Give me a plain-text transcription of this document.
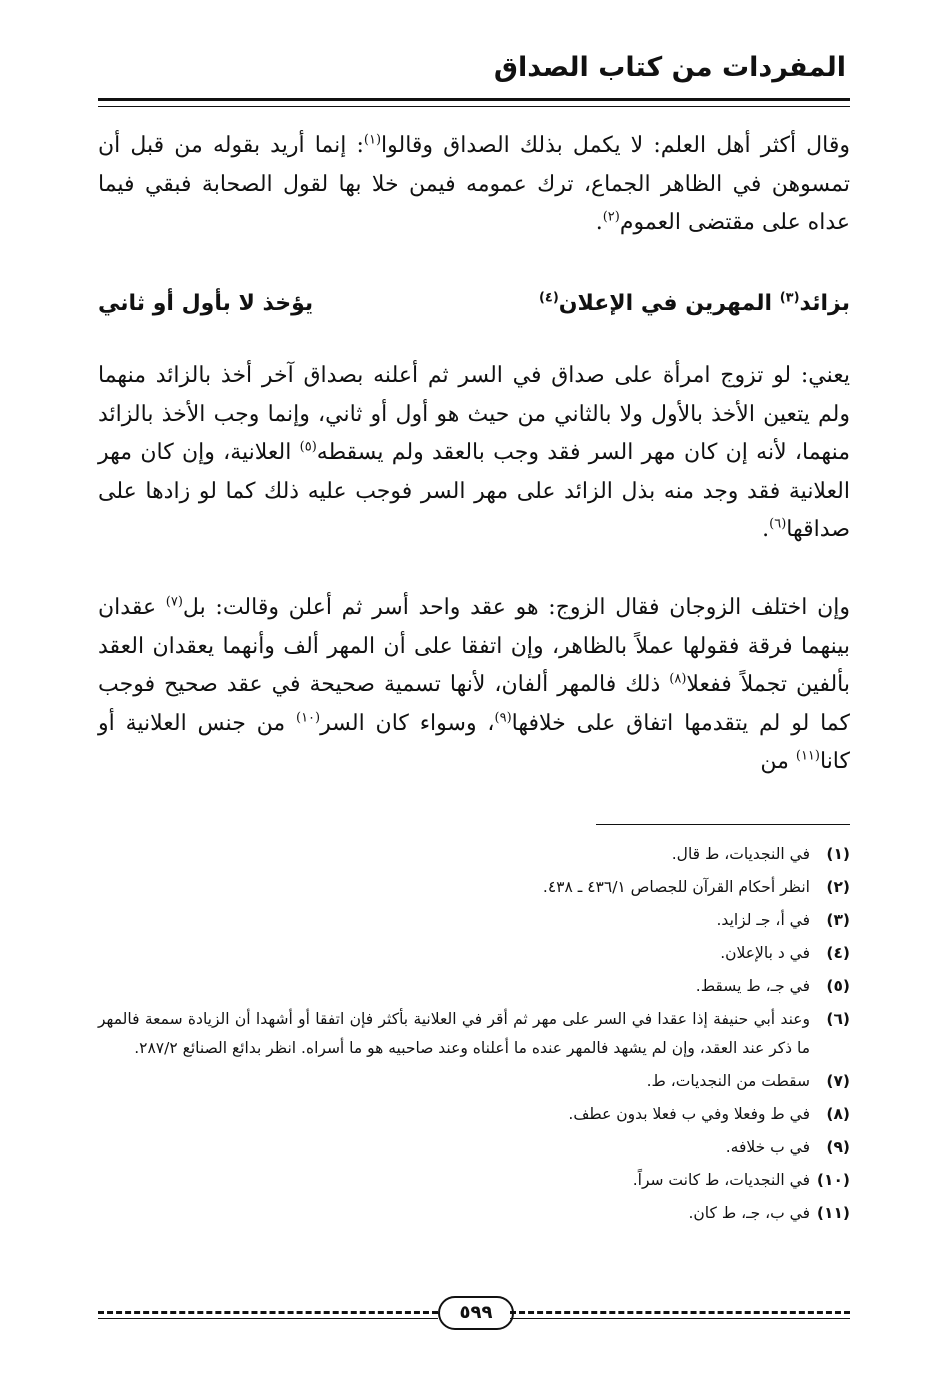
المفردات من كتاب الصداق

وقال أكثر أهل العلم: لا يكمل بذلك الصداق وقالوا$^{(١)}$: إنما أريد بقوله من قبل أن تمسوهن في الظاهر الجماع، ترك عمومه فيمن خلا بها لقول الصحابة فبقي فيما عداه على مقتضى العموم$^{(٢)}$.

بزائد$^{(٣)}$ المهرين في الإعلان$^{(٤)}$
يؤخذ لا بأول أو ثاني

يعني: لو تزوج امرأة على صداق في السر ثم أعلنه بصداق آخر أخذ بالزائد منهما ولم يتعين الأخذ بالأول ولا بالثاني من حيث هو أول أو ثاني، وإنما وجب الأخذ بالزائد منهما، لأنه إن كان مهر السر فقد وجب بالعقد ولم يسقطه$^{(٥)}$ العلانية، وإن كان مهر العلانية فقد وجد منه بذل الزائد على مهر السر فوجب عليه ذلك كما لو زادها على صداقها$^{(٦)}$.

وإن اختلف الزوجان فقال الزوج: هو عقد واحد أسر ثم أعلن وقالت: بل$^{(٧)}$ عقدان بينهما فرقة فقولها عملاً بالظاهر، وإن اتفقا على أن المهر ألف وأنهما يعقدان العقد بألفين تجملاً ففعلا$^{(٨)}$ ذلك فالمهر ألفان، لأنها تسمية صحيحة في عقد صحيح فوجب كما لو لم يتقدمها اتفاق على خلافها$^{(٩)}$، وسواء كان السر$^{(١٠)}$ من جنس العلانية أو كانا$^{(١١)}$ من

(١)
في النجديات، ط قال.
(٢)
انظر أحكام القرآن للجصاص ٤٣٦/١ ـ ٤٣٨.
(٣)
في أ، جـ لزايد.
(٤)
في د بالإعلان.
(٥)
في جـ، ط يسقط.
(٦)
وعند أبي حنيفة إذا عقدا في السر على مهر ثم أقر في العلانية بأكثر فإن اتفقا أو أشهدا أن الزيادة سمعة فالمهر ما ذكر عند العقد، وإن لم يشهد فالمهر عنده ما أعلناه وعند صاحبيه هو ما أسراه. انظر بدائع الصنائع ٢٨٧/٢.
(٧)
سقطت من النجديات، ط.
(٨)
في ط وفعلا وفي ب فعلا بدون عطف.
(٩)
في ب خلافه.
(١٠)
في النجديات، ط كانت سراً.
(١١)
في ب، جـ، ط كان.
٥٩٩
